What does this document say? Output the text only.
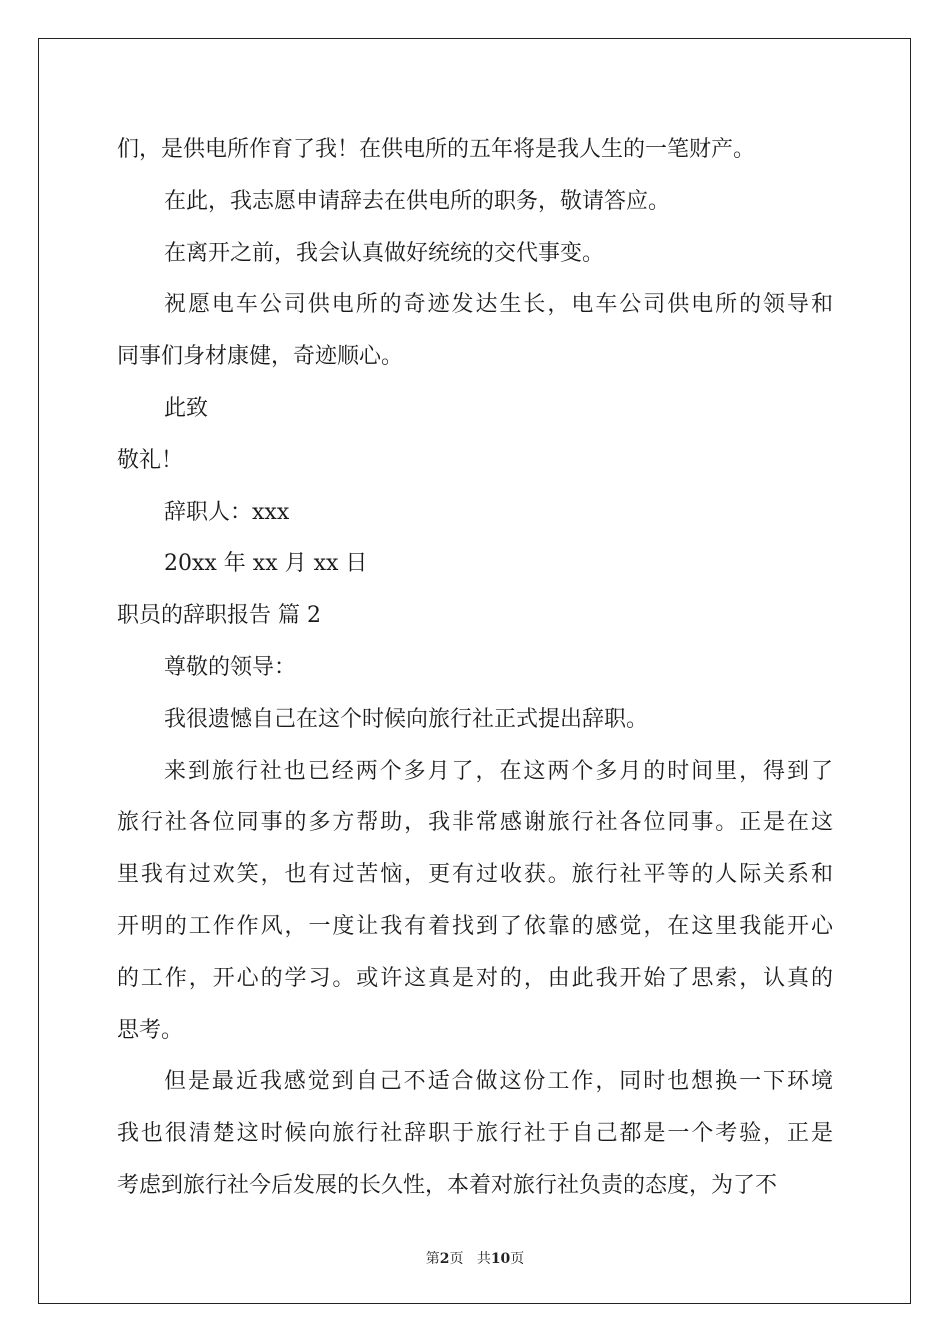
们，是供电所作育了我！在供电所的五年将是我人生的一笔财产。
在此，我志愿申请辞去在供电所的职务，敬请答应。
在离开之前，我会认真做好统统的交代事变。
祝愿电车公司供电所的奇迹发达生长，电车公司供电所的领导和
同事们身材康健，奇迹顺心。
此致
敬礼！
辞职人：xxx
20xx 年 xx 月 xx 日
职员的辞职报告 篇 2
尊敬的领导：
我很遗憾自己在这个时候向旅行社正式提出辞职。
来到旅行社也已经两个多月了，在这两个多月的时间里，得到了
旅行社各位同事的多方帮助，我非常感谢旅行社各位同事。正是在这
里我有过欢笑，也有过苦恼，更有过收获。旅行社平等的人际关系和
开明的工作作风，一度让我有着找到了依靠的感觉，在这里我能开心
的工作，开心的学习。或许这真是对的，由此我开始了思索，认真的
思考。
但是最近我感觉到自己不适合做这份工作，同时也想换一下环境
我也很清楚这时候向旅行社辞职于旅行社于自己都是一个考验，正是
考虑到旅行社今后发展的长久性，本着对旅行社负责的态度，为了不
第2页 共10页
